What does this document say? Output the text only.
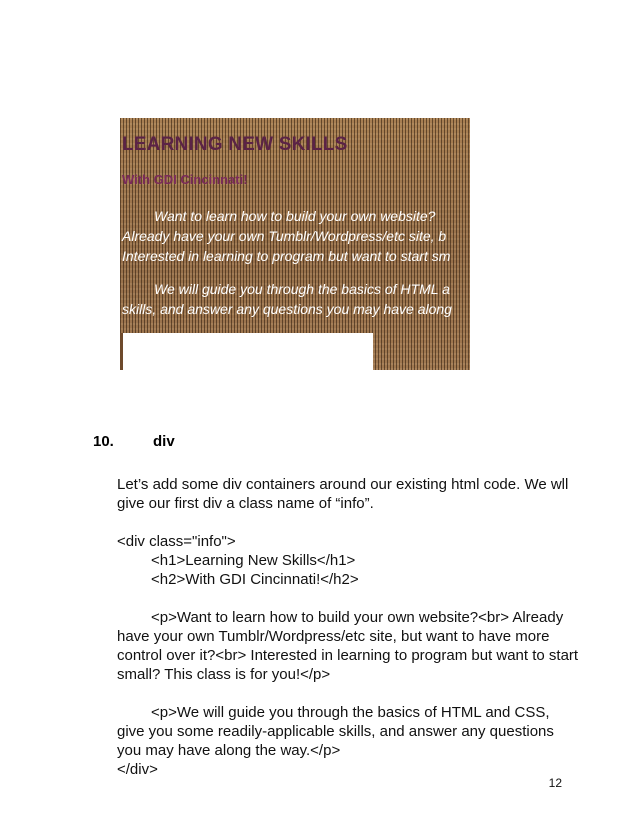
LEARNING NEW SKILLS
With GDI Cincinnati!
Want to learn how to build your own website?
Already have your own Tumblr/Wordpress/etc site, b
Interested in learning to program but want to start sm
We will guide you through the basics of HTML a
skills, and answer any questions you may have along
10.	div
Let’s add some div containers around our existing html code. We wll
give our first div a class name of “info”.
<div class="info">
<h1>Learning New Skills</h1>
<h2>With GDI Cincinnati!</h2>
<p>Want to learn how to build your own website?<br> Already
have your own Tumblr/Wordpress/etc site, but want to have more
control over it?<br> Interested in learning to program but want to start
small? This class is for you!</p>
<p>We will guide you through the basics of HTML and CSS,
give you some readily-applicable skills, and answer any questions
you may have along the way.</p>
</div>
12
